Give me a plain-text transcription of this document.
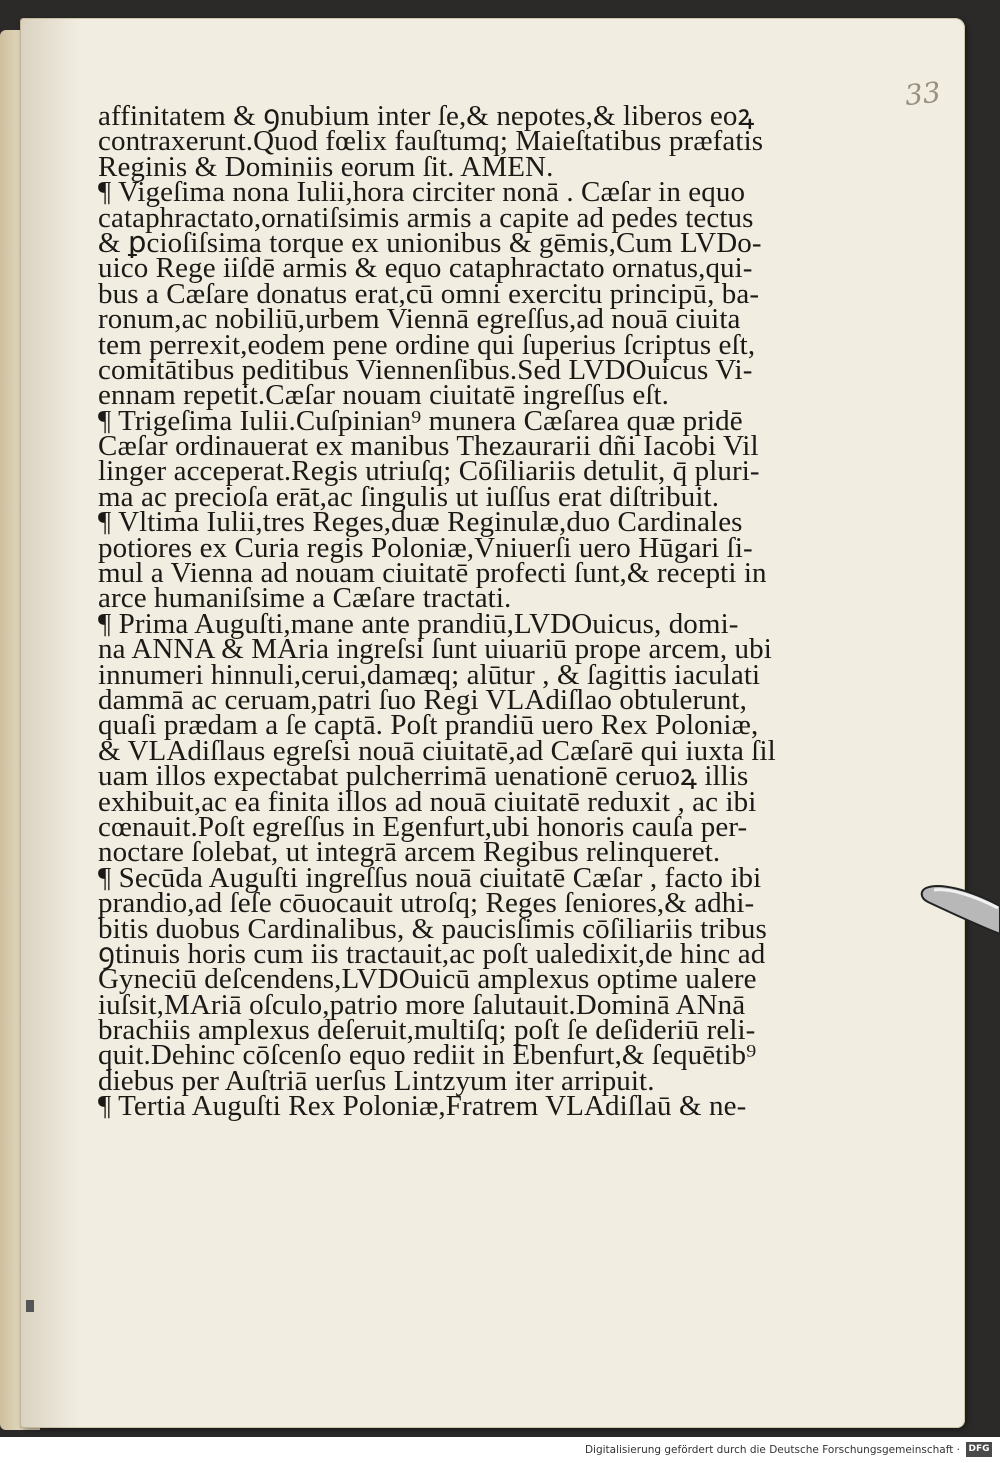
33
affinitatem & ꝯnubium inter ſe,& nepotes,& liberos eoꝝ
contraxerunt.Quod fœlix fauſtumq; Maieſtatibus præfatis
Reginis & Dominiis eorum ſit. AMEN.
¶ Vigeſima nona Iulii,hora circiter nonā . Cæſar in equo
cataphractato,ornatiſsimis armis a capite ad pedes tectus
& ꝑcioſiſsima torque ex unionibus & gēmis,Cum LVDo-
uico Rege iiſdē armis & equo cataphractato ornatus,qui-
bus a Cæſare donatus erat,cū omni exercitu principū, ba-
ronum,ac nobiliū,urbem Viennā egreſſus,ad nouā ciuita
tem perrexit,eodem pene ordine qui ſuperius ſcriptus eſt,
comitātibus peditibus Viennenſibus.Sed LVDOuicus Vi-
ennam repetit.Cæſar nouam ciuitatē ingreſſus eſt.
¶ Trigeſima Iulii.Cuſpinian⁹ munera Cæſarea quæ pridē
Cæſar ordinauerat ex manibus Thezaurarii dñi Iacobi Vil
linger acceperat.Regis utriuſq; Cōſiliariis detulit, q̄ pluri-
ma ac precioſa erāt,ac ſingulis ut iuſſus erat diſtribuit.
¶ Vltima Iulii,tres Reges,duæ Reginulæ,duo Cardinales
potiores ex Curia regis Poloniæ,Vniuerſi uero Hūgari ſi-
mul a Vienna ad nouam ciuitatē profecti ſunt,& recepti in
arce humaniſsime a Cæſare tractati.
¶ Prima Auguſti,mane ante prandiū,LVDOuicus, domi-
na ANNA & MAria ingreſsi ſunt uiuariū prope arcem, ubi
innumeri hinnuli,cerui,damæq; alūtur , & ſagittis iaculati
dammā ac ceruam,patri ſuo Regi VLAdiſlao obtulerunt,
quaſi prædam a ſe captā. Poſt prandiū uero Rex Poloniæ,
& VLAdiſlaus egreſsi nouā ciuitatē,ad Cæſarē qui iuxta ſil
uam illos expectabat pulcherrimā uenationē ceruoꝝ illis
exhibuit,ac ea finita illos ad nouā ciuitatē reduxit , ac ibi
cœnauit.Poſt egreſſus in Egenfurt,ubi honoris cauſa per-
noctare ſolebat, ut integrā arcem Regibus relinqueret.
¶ Secūda Auguſti ingreſſus nouā ciuitatē Cæſar , facto ibi
prandio,ad ſeſe cōuocauit utroſq; Reges ſeniores,& adhi-
bitis duobus Cardinalibus, & paucisſimis cōſiliariis tribus
ꝯtinuis horis cum iis tractauit,ac poſt ualedixit,de hinc ad
Gyneciū deſcendens,LVDOuicū amplexus optime ualere
iuſsit,MAriā oſculo,patrio more ſalutauit.Dominā ANnā
brachiis amplexus deſeruit,multiſq; poſt ſe deſideriū reli-
quit.Dehinc cōſcenſo equo rediit in Ebenfurt,& ſequētib⁹
diebus per Auſtriā uerſus Lintzyum iter arripuit.
¶ Tertia Auguſti Rex Poloniæ,Fratrem VLAdiſlaū & ne-
Digitalisierung gefördert durch die Deutsche Forschungsgemeinschaft · DFG
